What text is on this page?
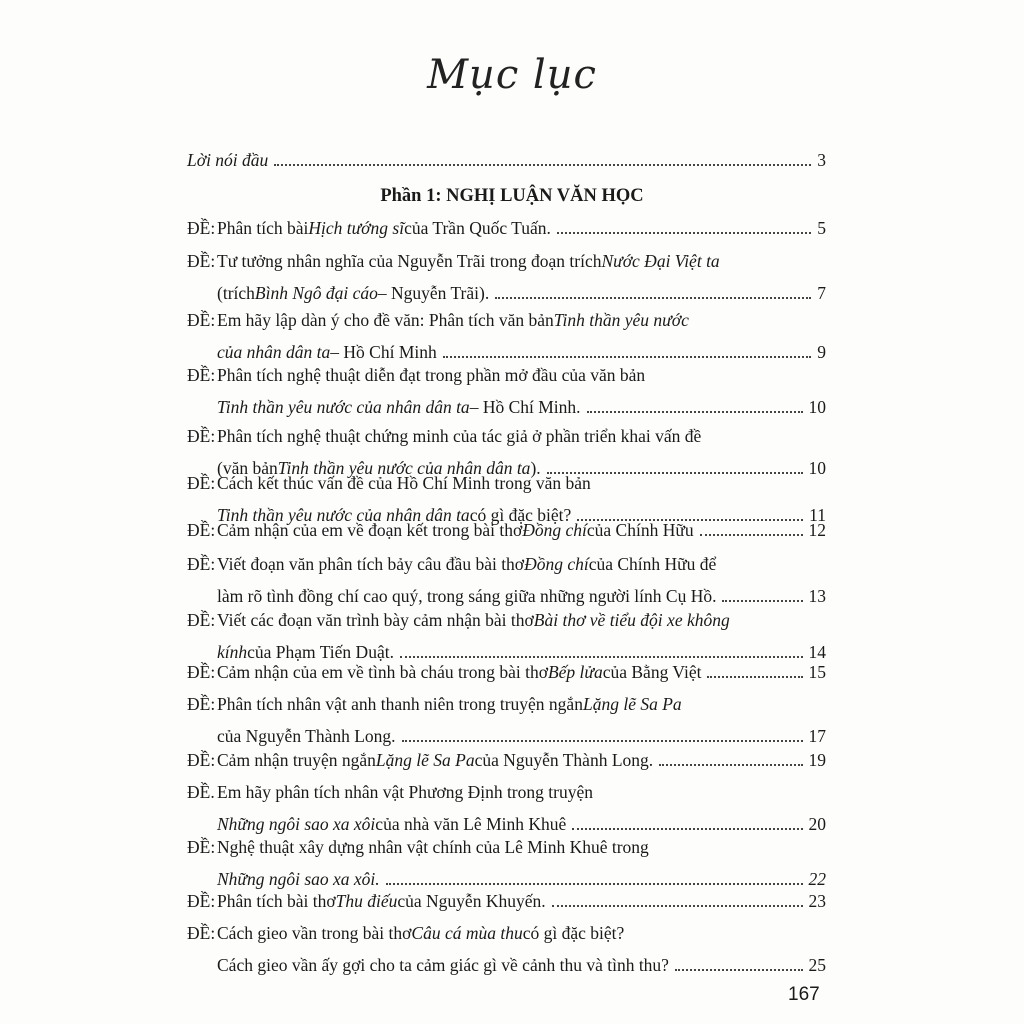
Mục lục
Lời nói đầu	3
Phần 1: NGHỊ LUẬN VĂN HỌC
ĐỀ: Phân tích bài Hịch tướng sĩ của Trần Quốc Tuấn.	5
ĐỀ: Tư tưởng nhân nghĩa của Nguyễn Trãi trong đoạn trích Nước Đại Việt ta
(trích Bình Ngô đại cáo – Nguyễn Trãi).	7
ĐỀ: Em hãy lập dàn ý cho đề văn: Phân tích văn bản Tinh thần yêu nước
của nhân dân ta – Hồ Chí Minh	9
ĐỀ: Phân tích nghệ thuật diễn đạt trong phần mở đầu của văn bản
Tinh thần yêu nước của nhân dân ta – Hồ Chí Minh.	10
ĐỀ: Phân tích nghệ thuật chứng minh của tác giả ở phần triển khai vấn đề
(văn bản Tinh thần yêu nước của nhân dân ta ).	10
ĐỀ: Cách kết thúc vấn đề của Hồ Chí Minh trong văn bản
Tinh thần yêu nước của nhân dân ta có gì đặc biệt?	11
ĐỀ: Cảm nhận của em về đoạn kết trong bài thơ Đồng chí của Chính Hữu	12
ĐỀ: Viết đoạn văn phân tích bảy câu đầu bài thơ Đồng chí của Chính Hữu để
làm rõ tình đồng chí cao quý, trong sáng giữa những người lính Cụ Hồ.	13
ĐỀ: Viết các đoạn văn trình bày cảm nhận bài thơ Bài thơ về tiểu đội xe không
kính của Phạm Tiến Duật.	14
ĐỀ: Cảm nhận của em về tình bà cháu trong bài thơ Bếp lửa của Bằng Việt	15
ĐỀ: Phân tích nhân vật anh thanh niên trong truyện ngắn Lặng lẽ Sa Pa
của Nguyễn Thành Long.	17
ĐỀ: Cảm nhận truyện ngắn Lặng lẽ Sa Pa của Nguyễn Thành Long.	19
ĐỀ. Em hãy phân tích nhân vật Phương Định trong truyện
Những ngôi sao xa xôi của nhà văn Lê Minh Khuê	20
ĐỀ: Nghệ thuật xây dựng nhân vật chính của Lê Minh Khuê trong
Những ngôi sao xa xôi.	22
ĐỀ: Phân tích bài thơ Thu điếu của Nguyễn Khuyến.	23
ĐỀ: Cách gieo vần trong bài thơ Câu cá mùa thu có gì đặc biệt?
Cách gieo vần ấy gợi cho ta cảm giác gì về cảnh thu và tình thu?	25
167
